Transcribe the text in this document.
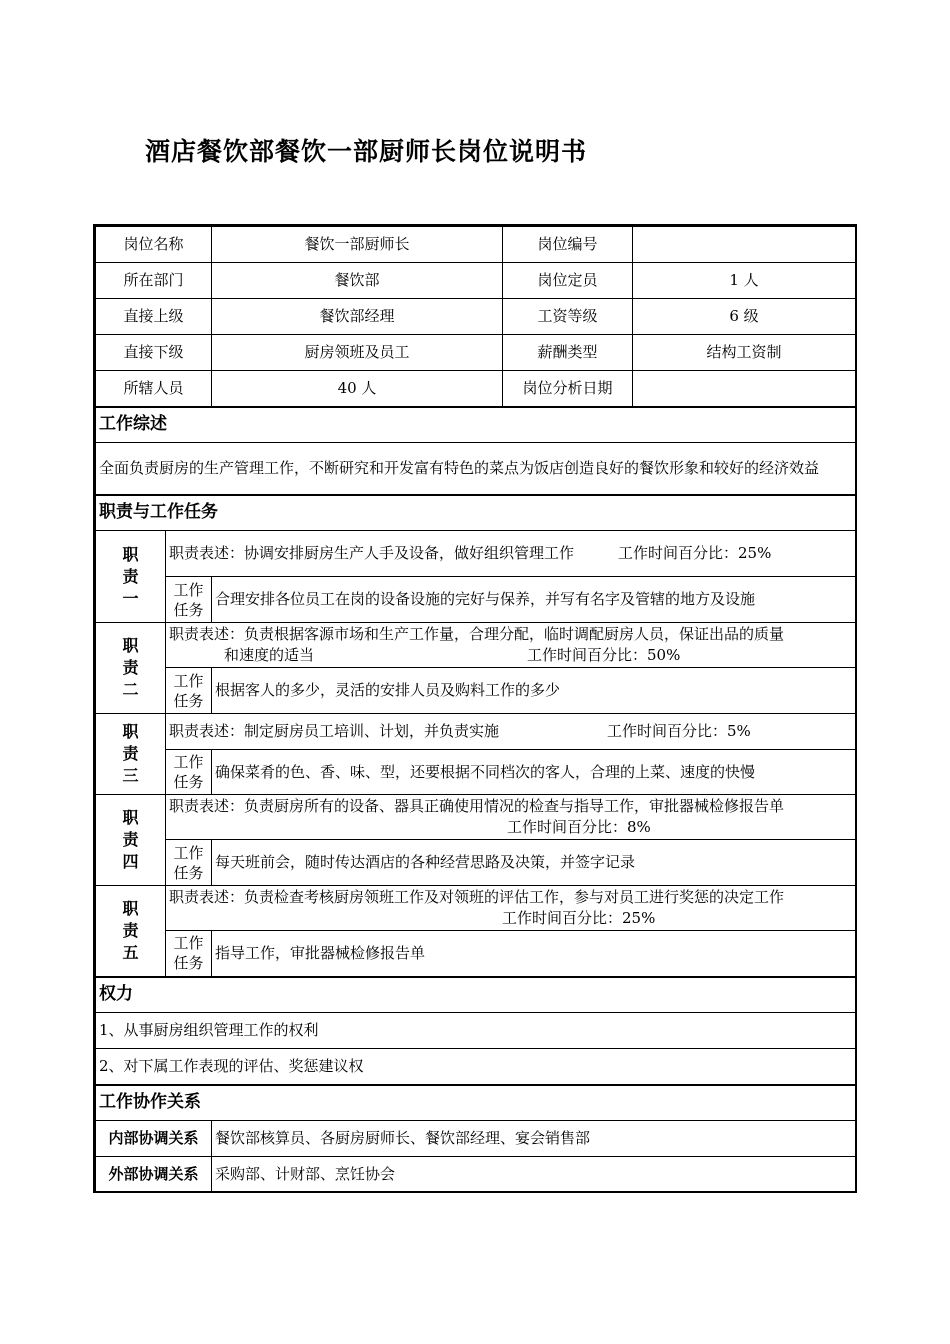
酒店餐饮部餐饮一部厨师长岗位说明书
岗位名称		餐饮一部厨师长	岗位编号	
所在部门		餐饮部	岗位定员	1 人
直接上级		餐饮部经理	工资等级	6 级
直接下级		厨房领班及员工	薪酬类型	结构工资制
所辖人员		40 人	岗位分析日期	
工作综述				
全面负责厨房的生产管理工作，不断研究和开发富有特色的菜点为饭店创造良好的餐饮形象和较好的经济效益				
职责与工作任务				

职责一	职责表述：协调安排厨房生产人手及设备，做好组织管理工作 工作时间百分比：25%			

	工作任务	合理安排各位员工在岗的设备设施的完好与保养，并写有名字及管辖的地方及设施		

职责二	职责表述：负责根据客源市场和生产工作量，合理分配，临时调配厨房人员，保证出品的质量
和速度的适当 工作时间百分比：50%			

	工作任务	根据客人的多少，灵活的安排人员及购料工作的多少		

职责三	职责表述：制定厨房员工培训、计划，并负责实施 工作时间百分比：5%			

	工作任务	确保菜肴的色、香、味、型，还要根据不同档次的客人，合理的上菜、速度的快慢		

职责四	职责表述：负责厨房所有的设备、器具正确使用情况的检查与指导工作，审批器械检修报告单
工作时间百分比：8%			

	工作任务	每天班前会，随时传达酒店的各种经营思路及决策，并签字记录		

职责五	职责表述：负责检查考核厨房领班工作及对领班的评估工作，参与对员工进行奖惩的决定工作
工作时间百分比：25%			

	工作任务	指导工作，审批器械检修报告单		
权力				
1、从事厨房组织管理工作的权利				
2、对下属工作表现的评估、奖惩建议权				
工作协作关系				
内部协调关系		餐饮部核算员、各厨房厨师长、餐饮部经理、宴会销售部		
外部协调关系		采购部、计财部、烹饪协会		
